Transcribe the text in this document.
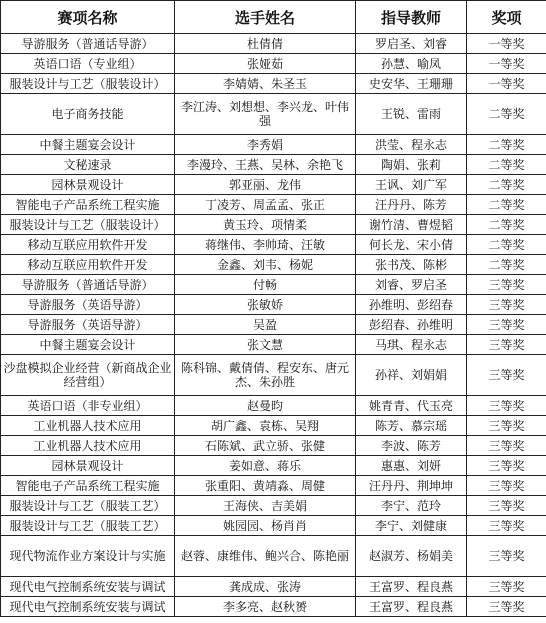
赛项名称	选手姓名	指导教师	奖项
导游服务（普通话导游）	杜倩倩	罗启圣、刘睿	一等奖
英语口语（专业组）	张娅茹	孙慧、喻凤	一等奖
服装设计与工艺（服装设计）	李婧婧、朱圣玉	史安华、王珊珊	一等奖
电子商务技能	李江涛、刘想想、李兴龙、叶伟强	王锐、雷雨	二等奖
中餐主题宴会设计	李秀娟	洪莹、程永志	二等奖
文秘速录	李漫玲、王燕、吴林、余艳飞	陶娟、张莉	二等奖
园林景观设计	郭亚丽、龙伟	王讽、刘广军	二等奖
智能电子产品系统工程实施	丁凌芳、周孟孟、张正	汪丹丹、陈芳	二等奖
服装设计与工艺（服装设计）	黄玉玲、项情柔	谢竹清、曹煜韬	二等奖
移动互联应用软件开发	蒋继伟、李帅琦、汪敏	何长龙、宋小倩	二等奖
移动互联应用软件开发	金鑫、刘韦、杨妮	张书茂、陈彬	二等奖
导游服务（普通话导游）	付畅	刘睿、罗启圣	三等奖
导游服务（英语导游）	张敏娇	孙维明、彭绍春	三等奖
导游服务（英语导游）	吴盈	彭绍春、孙维明	三等奖
中餐主题宴会设计	张文慧	马琪、程永志	三等奖
沙盘模拟企业经营（新商战企业经营组）	陈科锦、戴倩倩、程安东、唐元杰、朱孙胜	孙祥、刘娟娟	三等奖
英语口语（非专业组）	赵曼昀	姚青青、代玉亮	三等奖
工业机器人技术应用	胡广鑫、袁栋、吴翔	陈芳、慕宗瑶	三等奖
工业机器人技术应用	石陈斌、武立骄、张健	李波、陈芳	三等奖
园林景观设计	姜如意、蒋乐	惠惠、刘妍	三等奖
智能电子产品系统工程实施	张重阳、黄靖淼、周健	汪丹丹、荆坤坤	三等奖
服装设计与工艺（服装工艺）	王海侠、吉美娟	李宁、范玲	三等奖
服装设计与工艺（服装工艺）	姚园园、杨肖肖	李宁、刘健康	三等奖
现代物流作业方案设计与实施	赵蓉、康维伟、鲍兴合、陈艳丽	赵淑芳、杨娟美	三等奖
现代电气控制系统安装与调试	龚成成、张涛	王富罗、程良燕	三等奖
现代电气控制系统安装与调试	李多亮、赵秋赟	王富罗、程良燕	三等奖
